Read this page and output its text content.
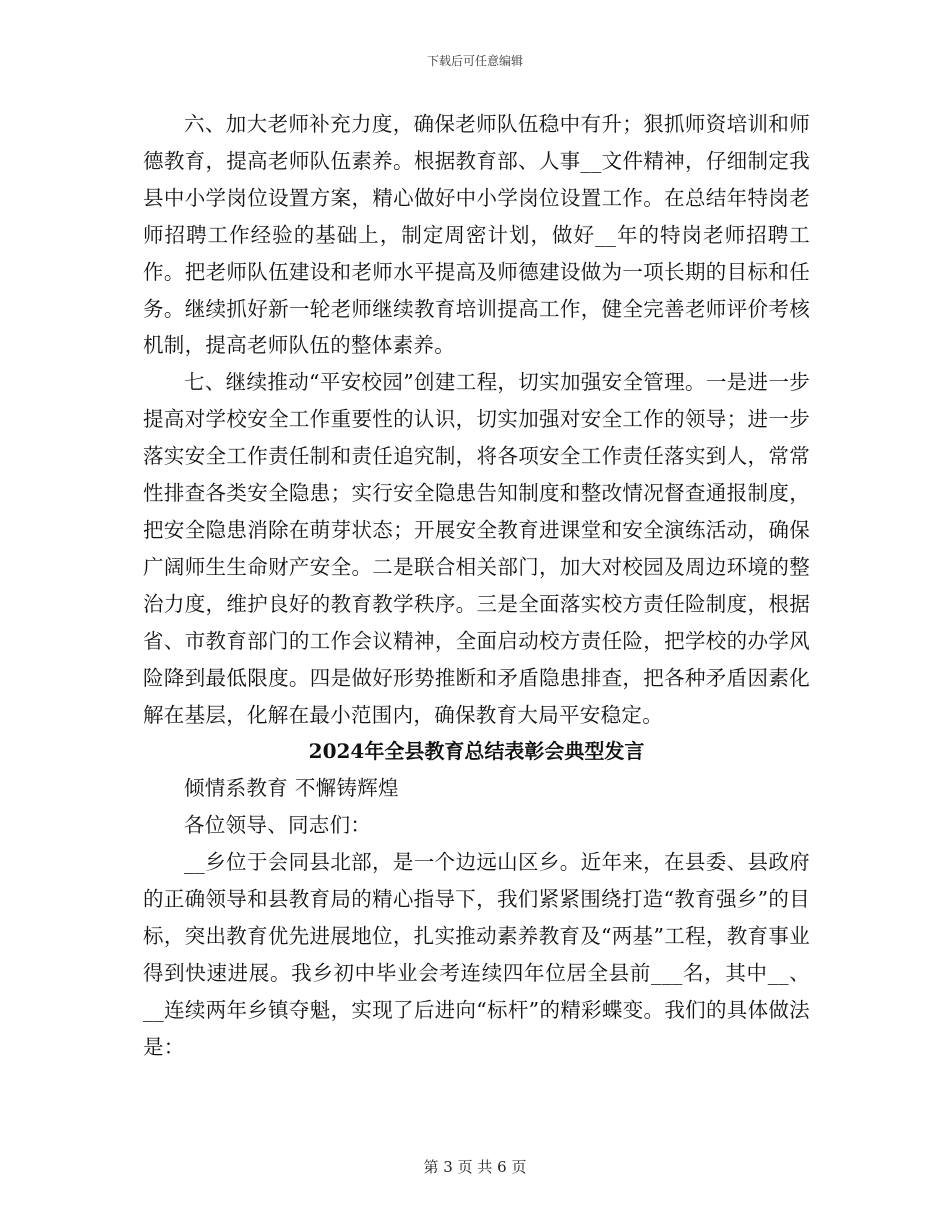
下载后可任意编辑

六、加大老师补充力度，确保老师队伍稳中有升；狠抓师资培训和师德教育，提高老师队伍素养。根据教育部、人事__文件精神，仔细制定我县中小学岗位设置方案，精心做好中小学岗位设置工作。在总结年特岗老师招聘工作经验的基础上，制定周密计划，做好__年的特岗老师招聘工作。把老师队伍建设和老师水平提高及师德建设做为一项长期的目标和任务。继续抓好新一轮老师继续教育培训提高工作，健全完善老师评价考核机制，提高老师队伍的整体素养。

七、继续推动“平安校园”创建工程，切实加强安全管理。一是进一步提高对学校安全工作重要性的认识，切实加强对安全工作的领导；进一步落实安全工作责任制和责任追究制，将各项安全工作责任落实到人，常常性排查各类安全隐患；实行安全隐患告知制度和整改情况督查通报制度，把安全隐患消除在萌芽状态；开展安全教育进课堂和安全演练活动，确保广阔师生生命财产安全。二是联合相关部门，加大对校园及周边环境的整治力度，维护良好的教育教学秩序。三是全面落实校方责任险制度，根据省、市教育部门的工作会议精神，全面启动校方责任险，把学校的办学风险降到最低限度。四是做好形势推断和矛盾隐患排查，把各种矛盾因素化解在基层，化解在最小范围内，确保教育大局平安稳定。

2024年全县教育总结表彰会典型发言

倾情系教育 不懈铸辉煌

各位领导、同志们：

__乡位于会同县北部，是一个边远山区乡。近年来，在县委、县政府的正确领导和县教育局的精心指导下，我们紧紧围绕打造“教育强乡”的目标，突出教育优先进展地位，扎实推动素养教育及“两基”工程，教育事业得到快速进展。我乡初中毕业会考连续四年位居全县前___名，其中__、__连续两年乡镇夺魁，实现了后进向“标杆”的精彩蝶变。我们的具体做法是：

第 3 页 共 6 页
